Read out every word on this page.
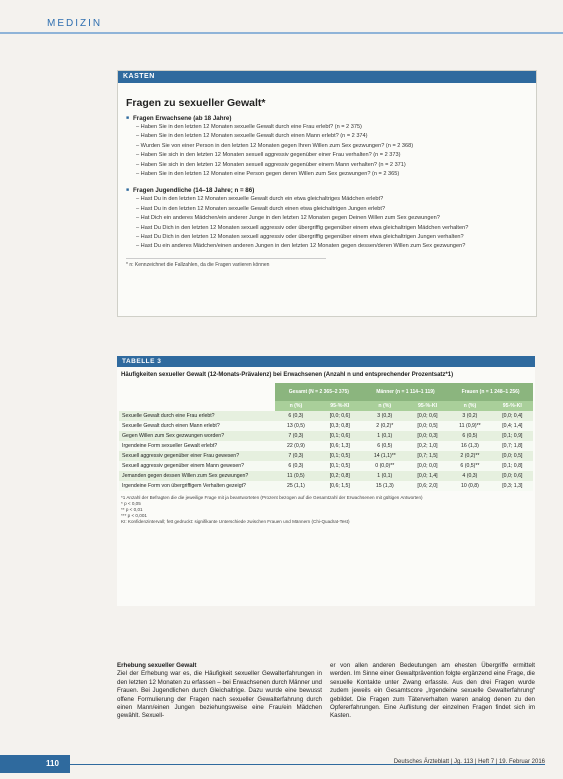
MEDIZIN
KASTEN
Fragen zu sexueller Gewalt*
■ Fragen Erwachsene (ab 18 Jahre)
– Haben Sie in den letzten 12 Monaten sexuelle Gewalt durch eine Frau erlebt? (n = 2 375)
– Haben Sie in den letzten 12 Monaten sexuelle Gewalt durch einen Mann erlebt? (n = 2 374)
– Wurden Sie von einer Person in den letzten 12 Monaten gegen Ihren Willen zum Sex gezwungen? (n = 2 368)
– Haben Sie sich in den letzten 12 Monaten sexuell aggressiv gegenüber einer Frau verhalten? (n = 2 373)
– Haben Sie sich in den letzten 12 Monaten sexuell aggressiv gegenüber einem Mann verhalten? (n = 2 371)
– Haben Sie in den letzten 12 Monaten eine Person gegen deren Willen zum Sex gezwungen? (n = 2 365)
■ Fragen Jugendliche (14–18 Jahre; n = 86)
– Hast Du in den letzten 12 Monaten sexuelle Gewalt durch ein etwa gleichaltriges Mädchen erlebt?
– Hast Du in den letzten 12 Monaten sexuelle Gewalt durch einen etwa gleichaltrigen Jungen erlebt?
– Hat Dich ein anderes Mädchen/ein anderer Junge in den letzten 12 Monaten gegen Deinen Willen zum Sex gezwungen?
– Hast Du Dich in den letzten 12 Monaten sexuell aggressiv oder übergriffig gegenüber einem etwa gleichaltrigen Mädchen verhalten?
– Hast Du Dich in den letzten 12 Monaten sexuell aggressiv oder übergriffig gegenüber einem etwa gleichaltrigen Jungen verhalten?
– Hast Du ein anderes Mädchen/einen anderen Jungen in den letzten 12 Monaten gegen dessen/deren Willen zum Sex gezwungen?
* n: Kennzeichnet die Fallzahlen, da die Fragen variieren können
TABELLE 3
Häufigkeiten sexueller Gewalt (12-Monats-Prävalenz) bei Erwachsenen (Anzahl n und entsprechender Prozentsatz*1)
	Gesamt (N = 2 365–2 375)		Männer (n = 1 114–1 119)		Frauen (n = 1 248–1 256)	
	n (%)	95-%-KI	n (%)	95-%-KI	n (%)	95-%-KI
Sexuelle Gewalt durch eine Frau erlebt?	6 (0,3)	[0,0; 0,6]	3 (0,3)	[0,0; 0,6]	3 (0,2)	[0,0; 0,4]
Sexuelle Gewalt durch einen Mann erlebt?	13 (0,5)	[0,3; 0,8]	2 (0,2)*	[0,0; 0,5]	11 (0,9)**	[0,4; 1,4]
Gegen Willen zum Sex gezwungen worden?	7 (0,3)	[0,1; 0,6]	1 (0,1)	[0,0; 0,3]	6 (0,5)	[0,1; 0,9]
Irgendeine Form sexueller Gewalt erlebt?	22 (0,9)	[0,6; 1,3]	6 (0,5)	[0,2; 1,0]	16 (1,3)	[0,7; 1,8]
Sexuell aggressiv gegenüber einer Frau gewesen?	7 (0,3)	[0,1; 0,5]	14 (1,1)**	[0,7; 1,5]	2 (0,2)**	[0,0; 0,5]
Sexuell aggressiv gegenüber einem Mann gewesen?	6 (0,3)	[0,1; 0,5]	0 (0,0)**	[0,0; 0,0]	6 (0,5)**	[0,1; 0,8]
Jemanden gegen dessen Willen zum Sex gezwungen?	11 (0,5)	[0,2; 0,8]	1 (0,1)	[0,0; 1,4]	4 (0,3)	[0,0; 0,6]
Irgendeine Form von übergriffigem Verhalten gezeigt?	25 (1,1)	[0,6; 1,5]	15 (1,3)	[0,6; 2,0]	10 (0,8)	[0,3; 1,3]
*1 Anzahl der Befragten die die jeweilige Frage mit ja beantworteten (Prozent bezogen auf die Gesamtzahl der Erwachsenen mit gültigen Antworten)
* p < 0,05
** p < 0,01
*** p < 0,001
KI: Konfidenzintervall; fett gedruckt: signifikante Unterschiede zwischen Frauen und Männern (Chi-Quadrat-Test)
Erhebung sexueller Gewalt
Ziel der Erhebung war es, die Häufigkeit sexueller Gewalterfahrungen in den letzten 12 Monaten zu erfassen – bei Erwachsenen durch Männer und Frauen. Bei Jugendlichen durch Gleichaltrige. Dazu wurde eine bewusst offene Formulierung der Fragen nach sexueller Gewalterfahrung durch einen Mann/einen Jungen beziehungsweise eine Frau/ein Mädchen gewählt. Sexuell-
er von allen anderen Bedeutungen am ehesten Übergriffe ermittelt werden. Im Sinne einer Gewaltprävention folgte ergänzend eine Frage, die sexuelle Kontakte unter Zwang erfasste. Aus den drei Fragen wurde zudem jeweils ein Gesamtscore „Irgendeine sexuelle Gewalterfahrung“ gebildet. Die Fragen zum Täterverhalten waren analog denen zu den Opfererfahrungen. Eine Auflistung der einzelnen Fragen findet sich im Kasten.
110	Deutsches Ärzteblatt | Jg. 113 | Heft 7 | 19. Februar 2016
